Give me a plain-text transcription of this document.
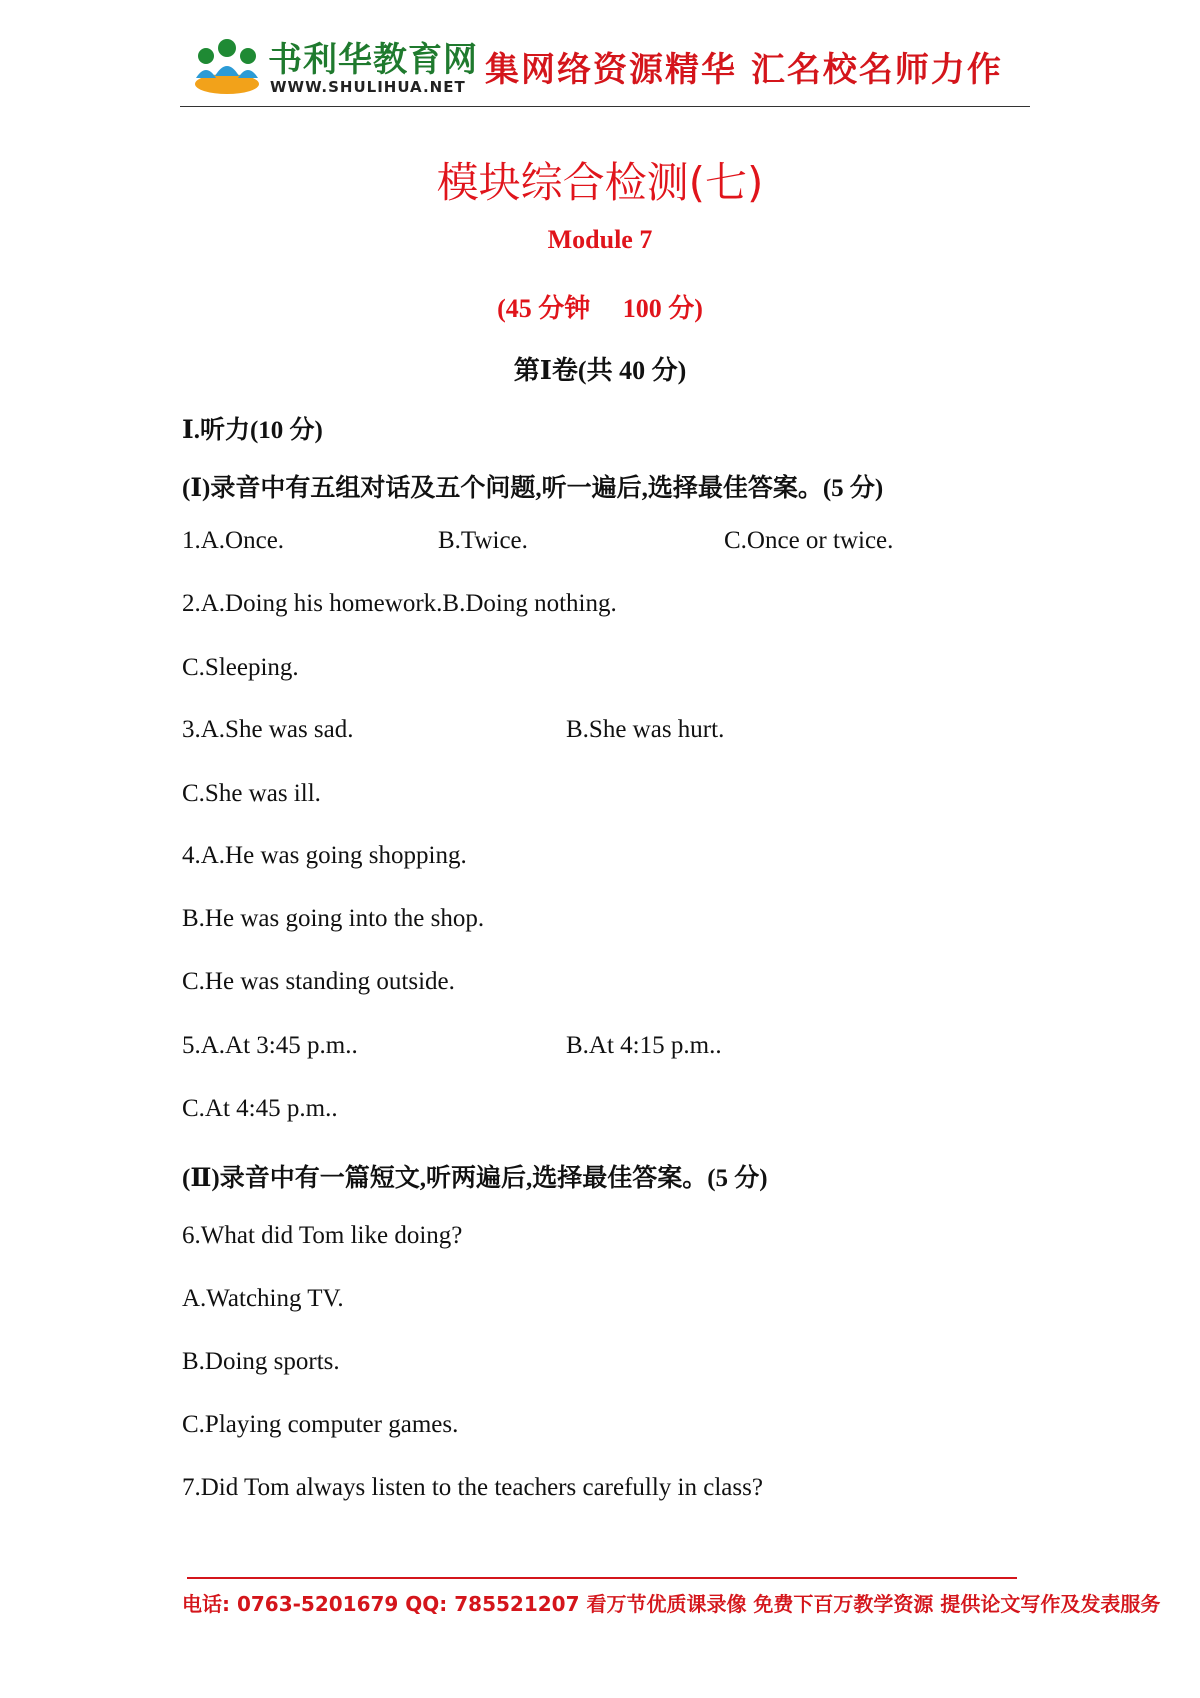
书利华教育网
WWW.SHULIHUA.NET 集网络资源精华 汇名校名师力作
模块综合检测(七)
Module 7
(45 分钟     100 分)
第Ⅰ卷(共 40 分)
Ⅰ.听力(10 分)
(Ⅰ)录音中有五组对话及五个问题,听一遍后,选择最佳答案。(5 分)
1.A.Once.	B.Twice.	C.Once or twice.
2.A.Doing his homework.B.Doing nothing.
C.Sleeping.
3.A.She was sad.	B.She was hurt.
C.She was ill.
4.A.He was going shopping.
B.He was going into the shop.
C.He was standing outside.
5.A.At 3:45 p.m..	B.At 4:15 p.m..
C.At 4:45 p.m..
(Ⅱ)录音中有一篇短文,听两遍后,选择最佳答案。(5 分)
6.What did Tom like doing?
A.Watching TV.
B.Doing sports.
C.Playing computer games.
7.Did Tom always listen to the teachers carefully in class?
电话: 0763-5201679 QQ: 785521207 看万节优质课录像 免费下百万教学资源 提供论文写作及发表服务
